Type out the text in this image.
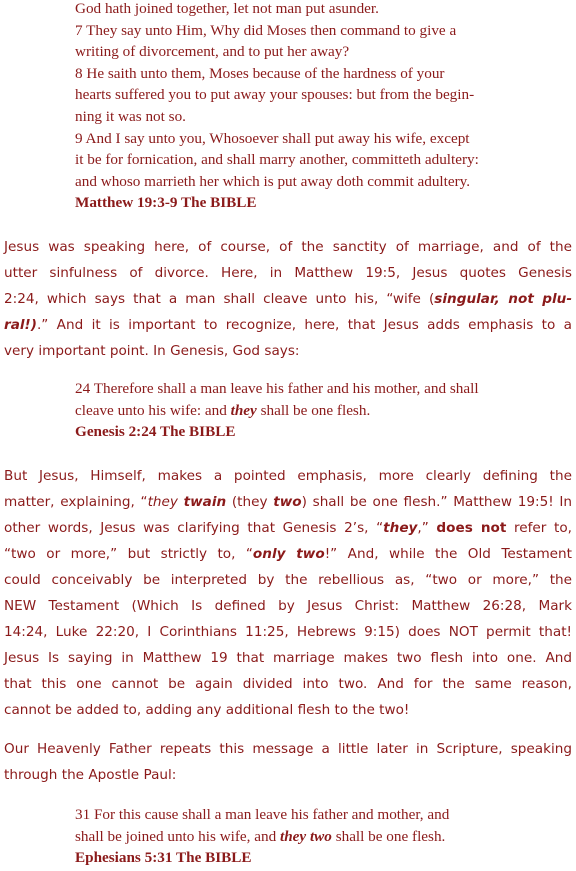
God hath joined together, let not man put asunder.
7 They say unto Him, Why did Moses then command to give a
writing of divorcement, and to put her away?
8 He saith unto them, Moses because of the hardness of your
hearts suffered you to put away your spouses: but from the begin-
ning it was not so.
9 And I say unto you, Whosoever shall put away his wife, except
it be for fornication, and shall marry another, committeth adultery:
and whoso marrieth her which is put away doth commit adultery.
Matthew 19:3-9 The BIBLE
Jesus was speaking here, of course, of the sanctity of marriage, and of the
utter sinfulness of divorce. Here, in Matthew 19:5, Jesus quotes Genesis
2:24, which says that a man shall cleave unto his, “wife (singular, not plu-
ral!).” And it is important to recognize, here, that Jesus adds emphasis to a
very important point. In Genesis, God says:
24 Therefore shall a man leave his father and his mother, and shall
cleave unto his wife: and they shall be one flesh.
Genesis 2:24 The BIBLE
But Jesus, Himself, makes a pointed emphasis, more clearly defining the
matter, explaining, “they twain (they two) shall be one flesh.” Matthew 19:5! In
other words, Jesus was clarifying that Genesis 2’s, “they,” does not refer to,
“two or more,” but strictly to, “only two!” And, while the Old Testament
could conceivably be interpreted by the rebellious as, “two or more,” the
NEW Testament (Which Is defined by Jesus Christ: Matthew 26:28, Mark
14:24, Luke 22:20, I Corinthians 11:25, Hebrews 9:15) does NOT permit that!
Jesus Is saying in Matthew 19 that marriage makes two flesh into one. And
that this one cannot be again divided into two. And for the same reason,
cannot be added to, adding any additional flesh to the two!
Our Heavenly Father repeats this message a little later in Scripture, speaking
through the Apostle Paul:
31 For this cause shall a man leave his father and mother, and
shall be joined unto his wife, and they two shall be one flesh.
Ephesians 5:31 The BIBLE
